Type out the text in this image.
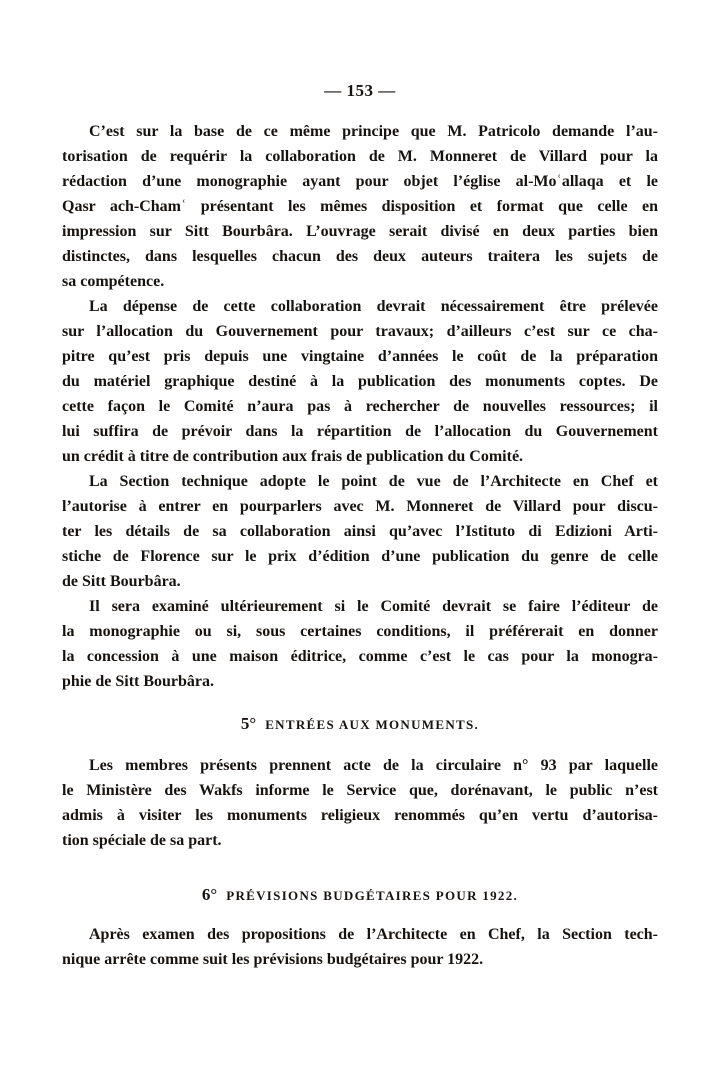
— 153 —
C’est sur la base de ce même principe que M. Patricolo demande l’au-
torisation de requérir la collaboration de M. Monneret de Villard pour la
rédaction d’une monographie ayant pour objet l’église al-Moʿallaqa et le
Qasr ach-Chamʿ présentant les mêmes disposition et format que celle en
impression sur Sitt Bourbâra. L’ouvrage serait divisé en deux parties bien
distinctes, dans lesquelles chacun des deux auteurs traitera les sujets de
sa compétence.
La dépense de cette collaboration devrait nécessairement être prélevée
sur l’allocation du Gouvernement pour travaux; d’ailleurs c’est sur ce cha-
pitre qu’est pris depuis une vingtaine d’années le coût de la préparation
du matériel graphique destiné à la publication des monuments coptes. De
cette façon le Comité n’aura pas à rechercher de nouvelles ressources; il
lui suffira de prévoir dans la répartition de l’allocation du Gouvernement
un crédit à titre de contribution aux frais de publication du Comité.
La Section technique adopte le point de vue de l’Architecte en Chef et
l’autorise à entrer en pourparlers avec M. Monneret de Villard pour discu-
ter les détails de sa collaboration ainsi qu’avec l’Istituto di Edizioni Arti-
stiche de Florence sur le prix d’édition d’une publication du genre de celle
de Sitt Bourbâra.
Il sera examiné ultérieurement si le Comité devrait se faire l’éditeur de
la monographie ou si, sous certaines conditions, il préférerait en donner
la concession à une maison éditrice, comme c’est le cas pour la monogra-
phie de Sitt Bourbâra.
5° ENTRÉES AUX MONUMENTS.
Les membres présents prennent acte de la circulaire n° 93 par laquelle
le Ministère des Wakfs informe le Service que, dorénavant, le public n’est
admis à visiter les monuments religieux renommés qu’en vertu d’autorisa-
tion spéciale de sa part.
6° PRÉVISIONS BUDGÉTAIRES POUR 1922.
Après examen des propositions de l’Architecte en Chef, la Section tech-
nique arrête comme suit les prévisions budgétaires pour 1922.
